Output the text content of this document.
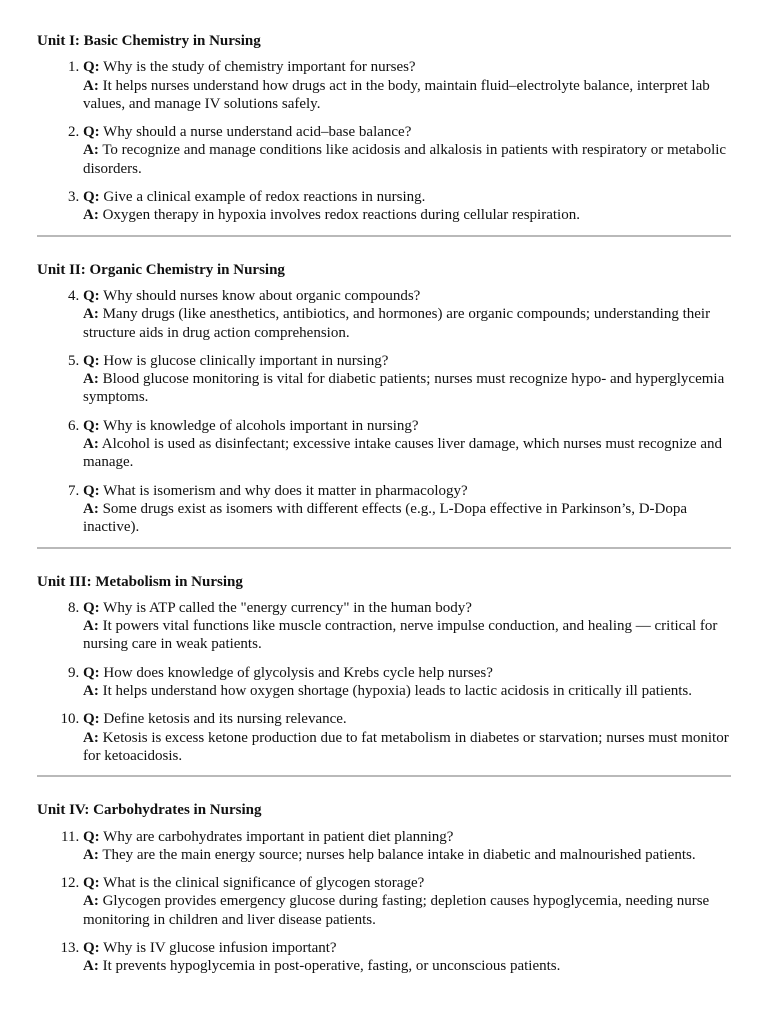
Unit I: Basic Chemistry in Nursing
1. Q: Why is the study of chemistry important for nurses?
A: It helps nurses understand how drugs act in the body, maintain fluid–electrolyte balance, interpret lab values, and manage IV solutions safely.
2. Q: Why should a nurse understand acid–base balance?
A: To recognize and manage conditions like acidosis and alkalosis in patients with respiratory or metabolic disorders.
3. Q: Give a clinical example of redox reactions in nursing.
A: Oxygen therapy in hypoxia involves redox reactions during cellular respiration.
Unit II: Organic Chemistry in Nursing
4. Q: Why should nurses know about organic compounds?
A: Many drugs (like anesthetics, antibiotics, and hormones) are organic compounds; understanding their structure aids in drug action comprehension.
5. Q: How is glucose clinically important in nursing?
A: Blood glucose monitoring is vital for diabetic patients; nurses must recognize hypo- and hyperglycemia symptoms.
6. Q: Why is knowledge of alcohols important in nursing?
A: Alcohol is used as disinfectant; excessive intake causes liver damage, which nurses must recognize and manage.
7. Q: What is isomerism and why does it matter in pharmacology?
A: Some drugs exist as isomers with different effects (e.g., L-Dopa effective in Parkinson’s, D-Dopa inactive).
Unit III: Metabolism in Nursing
8. Q: Why is ATP called the "energy currency" in the human body?
A: It powers vital functions like muscle contraction, nerve impulse conduction, and healing — critical for nursing care in weak patients.
9. Q: How does knowledge of glycolysis and Krebs cycle help nurses?
A: It helps understand how oxygen shortage (hypoxia) leads to lactic acidosis in critically ill patients.
10. Q: Define ketosis and its nursing relevance.
A: Ketosis is excess ketone production due to fat metabolism in diabetes or starvation; nurses must monitor for ketoacidosis.
Unit IV: Carbohydrates in Nursing
11. Q: Why are carbohydrates important in patient diet planning?
A: They are the main energy source; nurses help balance intake in diabetic and malnourished patients.
12. Q: What is the clinical significance of glycogen storage?
A: Glycogen provides emergency glucose during fasting; depletion causes hypoglycemia, needing nurse monitoring in children and liver disease patients.
13. Q: Why is IV glucose infusion important?
A: It prevents hypoglycemia in post-operative, fasting, or unconscious patients.
